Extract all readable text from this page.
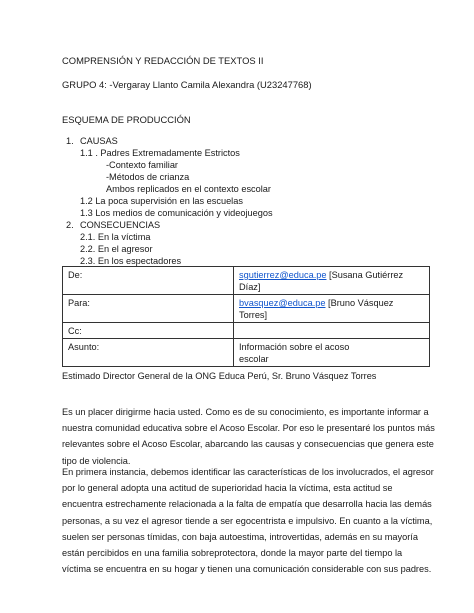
COMPRENSIÓN Y REDACCIÓN DE TEXTOS II
GRUPO 4: -Vergaray Llanto Camila Alexandra (U23247768)
ESQUEMA DE PRODUCCIÓN
1. CAUSAS
1.1 . Padres Extremadamente Estrictos
-Contexto familiar
-Métodos de crianza
Ambos replicados en el contexto escolar
1.2 La poca supervisión en las escuelas
1.3 Los medios de comunicación y videojuegos
2. CONSECUENCIAS
2.1. En la víctima
2.2. En el agresor
2.3. En los espectadores
De:	sgutierrez@educa.pe [Susana Gutiérrez
Díaz]

Para:	bvasquez@educa.pe [Bruno Vásquez
Torres]

Cc:	
Asunto:	Información sobre el acoso
escolar
Estimado Director General de la ONG Educa Perú, Sr. Bruno Vásquez Torres
Es un placer dirigirme hacia usted. Como es de su conocimiento, es importante informar a
nuestra comunidad educativa sobre el Acoso Escolar. Por eso le presentaré los puntos más
relevantes sobre el Acoso Escolar, abarcando las causas y consecuencias que genera este
tipo de violencia.
En primera instancia, debemos identificar las características de los involucrados, el agresor
por lo general adopta una actitud de superioridad hacia la víctima, esta actitud se
encuentra estrechamente relacionada a la falta de empatía que desarrolla hacia las demás
personas, a su vez el agresor tiende a ser egocentrista e impulsivo. En cuanto a la víctima,
suelen ser personas tímidas, con baja autoestima, introvertidas, además en su mayoría
están percibidos en una familia sobreprotectora, donde la mayor parte del tiempo la
víctima se encuentra en su hogar y tienen una comunicación considerable con sus padres.
